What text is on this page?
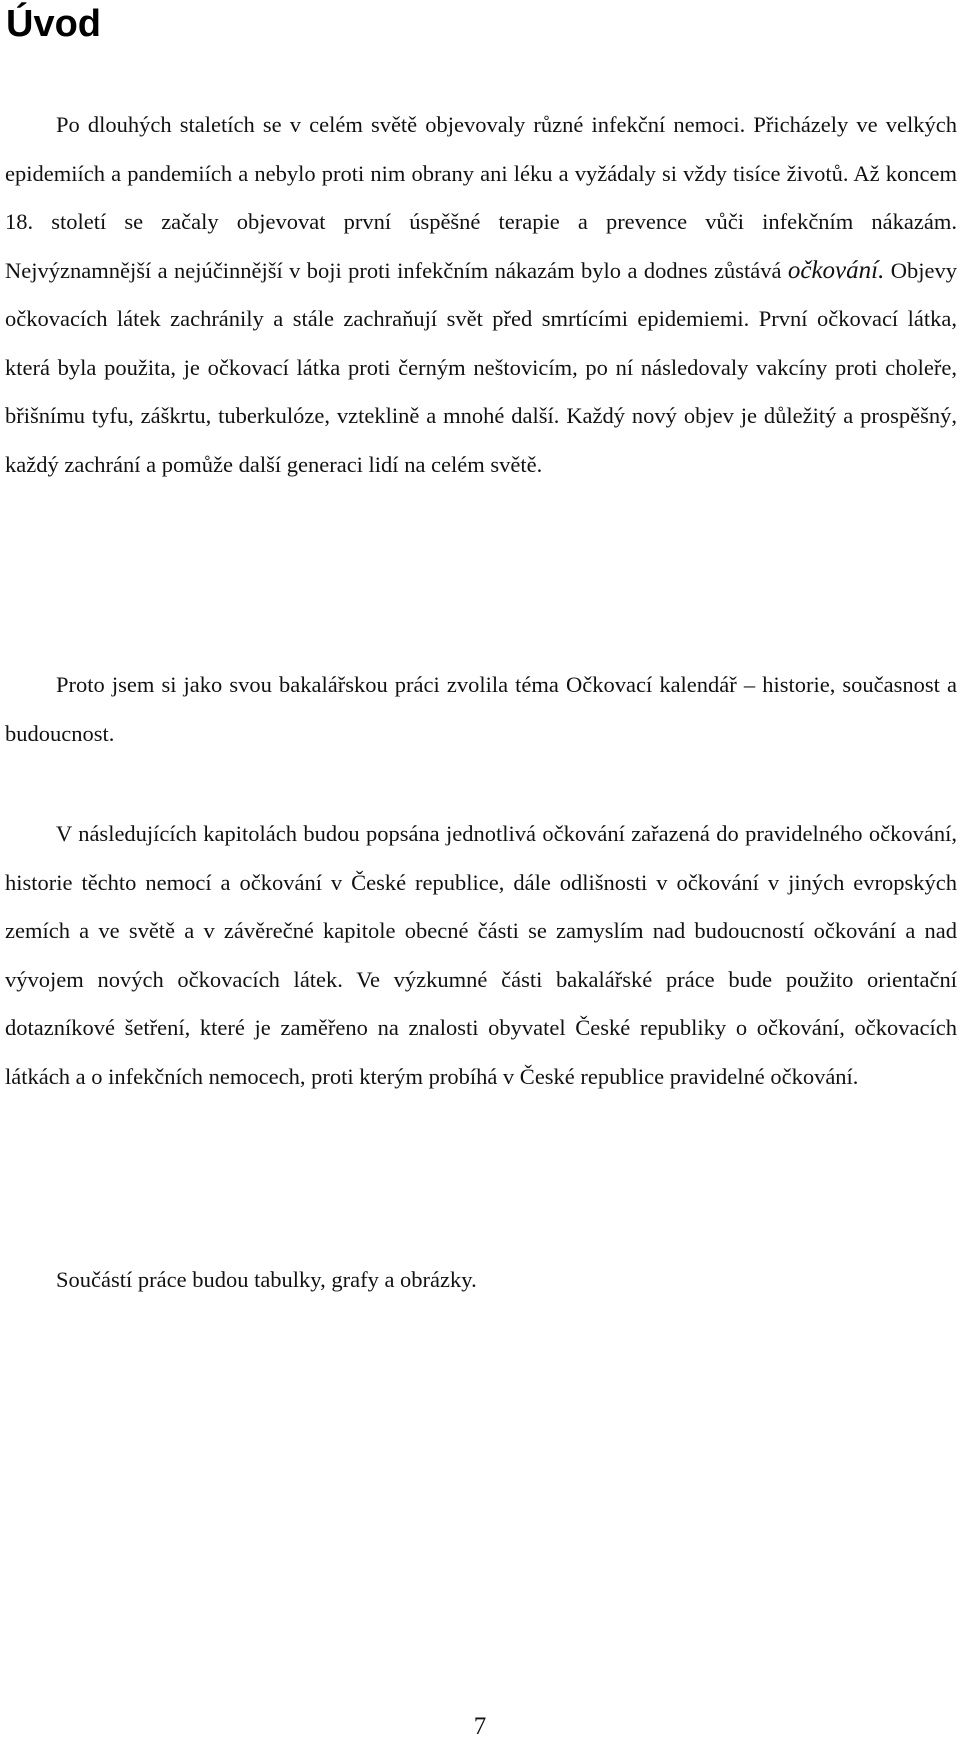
Úvod

Po dlouhých staletích se v celém světě objevovaly různé infekční nemoci. Přicházely ve velkých epidemiích a pandemiích a nebylo proti nim obrany ani léku a vyžádaly si vždy tisíce životů. Až koncem 18. století se začaly objevovat první úspěšné terapie a prevence vůči infekčním nákazám. Nejvýznamnější a nejúčinnější v boji proti infekčním nákazám bylo a dodnes zůstává očkování. Objevy očkovacích látek zachránily a stále zachraňují svět před smrtícími epidemiemi. První očkovací látka, která byla použita, je očkovací látka proti černým neštovicím, po ní následovaly vakcíny proti choleře, břišnímu tyfu, záškrtu, tuberkulóze, vzteklině a mnohé další. Každý nový objev je důležitý a prospěšný, každý zachrání a pomůže další generaci lidí na celém světě.

Proto jsem si jako svou bakalářskou práci zvolila téma Očkovací kalendář – historie, současnost a budoucnost.

V následujících kapitolách budou popsána jednotlivá očkování zařazená do pravidelného očkování, historie těchto nemocí a očkování v České republice, dále odlišnosti v očkování v jiných evropských zemích a ve světě a v závěrečné kapitole obecné části se zamyslím nad budoucností očkování a nad vývojem nových očkovacích látek. Ve výzkumné části bakalářské práce bude použito orientační dotazníkové šetření, které je zaměřeno na znalosti obyvatel České republiky o očkování, očkovacích látkách a o infekčních nemocech, proti kterým probíhá v České republice pravidelné očkování.

Součástí práce budou tabulky, grafy a obrázky.

7
